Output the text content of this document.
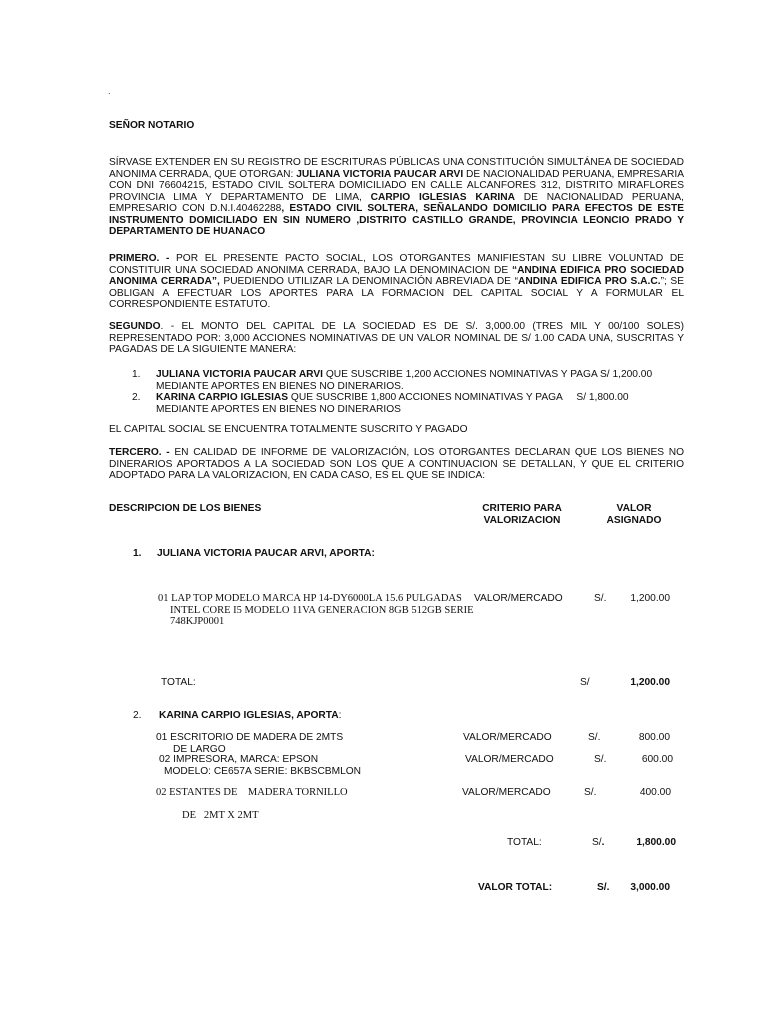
.
SEÑOR NOTARIO

SÍRVASE EXTENDER EN SU REGISTRO DE ESCRITURAS PÚBLICAS UNA CONSTITUCIÓN SIMULTÁNEA DE SOCIEDAD ANONIMA CERRADA, QUE OTORGAN: JULIANA VICTORIA PAUCAR ARVI DE NACIONALIDAD PERUANA, EMPRESARIA CON DNI 76604215, ESTADO CIVIL SOLTERA DOMICILIADO EN CALLE ALCANFORES 312, DISTRITO MIRAFLORES PROVINCIA LIMA Y DEPARTAMENTO DE LIMA, CARPIO IGLESIAS KARINA DE NACIONALIDAD PERUANA, EMPRESARIO CON D.N.I.40462288, ESTADO CIVIL SOLTERA, SEÑALANDO DOMICILIO PARA EFECTOS DE ESTE INSTRUMENTO DOMICILIADO EN SIN NUMERO ,DISTRITO CASTILLO GRANDE, PROVINCIA LEONCIO PRADO Y DEPARTAMENTO DE HUANACO

PRIMERO. - POR EL PRESENTE PACTO SOCIAL, LOS OTORGANTES MANIFIESTAN SU LIBRE VOLUNTAD DE CONSTITUIR UNA SOCIEDAD ANONIMA CERRADA, BAJO LA DENOMINACION DE “ANDINA EDIFICA PRO SOCIEDAD ANONIMA CERRADA”, PUEDIENDO UTILIZAR LA DENOMINACIÓN ABREVIADA DE “ANDINA EDIFICA PRO S.A.C.”; SE OBLIGAN A EFECTUAR LOS APORTES PARA LA FORMACION DEL CAPITAL SOCIAL Y A FORMULAR EL CORRESPONDIENTE ESTATUTO.

SEGUNDO. - EL MONTO DEL CAPITAL DE LA SOCIEDAD ES DE S/. 3,000.00 (TRES MIL Y 00/100 SOLES) REPRESENTADO POR: 3,000 ACCIONES NOMINATIVAS DE UN VALOR NOMINAL DE S/ 1.00 CADA UNA, SUSCRITAS Y PAGADAS DE LA SIGUIENTE MANERA:

1. JULIANA VICTORIA PAUCAR ARVI QUE SUSCRIBE 1,200 ACCIONES NOMINATIVAS Y PAGA S/ 1,200.00
MEDIANTE APORTES EN BIENES NO DINERARIOS.
2. KARINA CARPIO IGLESIAS QUE SUSCRIBE 1,800 ACCIONES NOMINATIVAS Y PAGA     S/ 1,800.00
MEDIANTE APORTES EN BIENES NO DINERARIOS
EL CAPITAL SOCIAL SE ENCUENTRA TOTALMENTE SUSCRITO Y PAGADO

TERCERO. - EN CALIDAD DE INFORME DE VALORIZACIÓN, LOS OTORGANTES DECLARAN QUE LOS BIENES NO DINERARIOS APORTADOS A LA SOCIEDAD SON LOS QUE A CONTINUACION SE DETALLAN, Y QUE EL CRITERIO ADOPTADO PARA LA VALORIZACION, EN CADA CASO, ES EL QUE SE INDICA:

DESCRIPCION DE LOS BIENES	CRITERIO PARA
VALORIZACION
VALOR
ASIGNADO
1. JULIANA VICTORIA PAUCAR ARVI, APORTA:
01 LAP TOP MODELO MARCA HP 14-DY6000LA 15.6 PULGADAS
INTEL CORE I5 MODELO 11VA GENERACION 8GB 512GB SERIE
748KJP0001
VALOR/MERCADO	S/.	1,200.00
TOTAL:	S/	1,200.00
2. KARINA CARPIO IGLESIAS, APORTA:
01 ESCRITORIO DE MADERA DE 2MTS
DE LARGO
VALOR/MERCADO	S/.	800.00
02 IMPRESORA, MARCA: EPSON
MODELO: CE657A SERIE: BKBSCBMLON
VALOR/MERCADO	S/.	600.00
02 ESTANTES DE    MADERA TORNILLO
DE   2MT X 2MT
VALOR/MERCADO	S/.	400.00
TOTAL:	S/.	1,800.00
VALOR TOTAL:	S/.	3,000.00
